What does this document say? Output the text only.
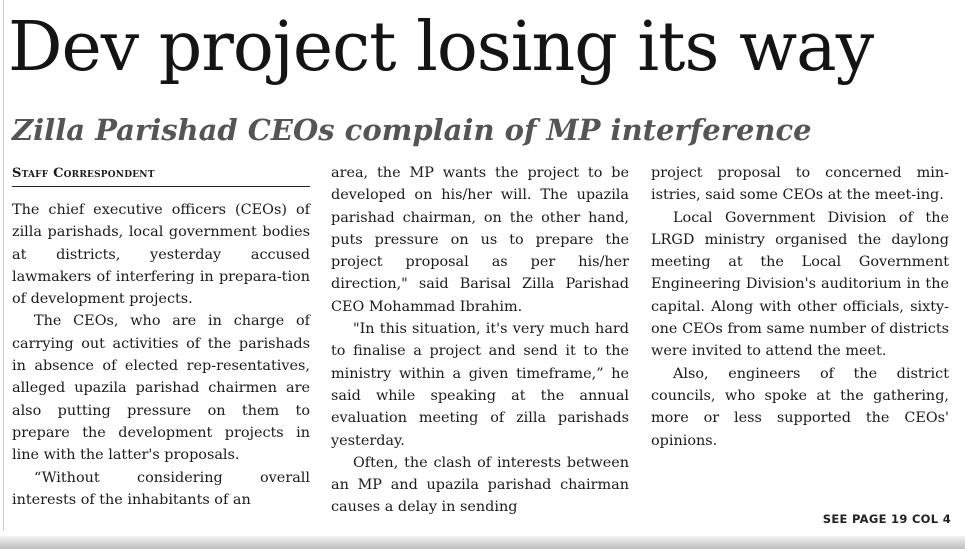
Dev project losing its way
Zilla Parishad CEOs complain of MP interference
Staff Correspondent

The chief executive officers (CEOs) of zilla parishads, local government bodies at districts, yesterday accused lawmakers of interfering in prepara-tion of development projects.

The CEOs, who are in charge of carrying out activities of the parishads in absence of elected rep-resentatives, alleged upazila parishad chairmen are also putting pressure on them to prepare the development projects in line with the latter's proposals.

“Without considering overall interests of the inhabitants of an

area, the MP wants the project to be developed on his/her will. The upazila parishad chairman, on the other hand, puts pressure on us to prepare the project proposal as per his/her direction," said Barisal Zilla Parishad CEO Mohammad Ibrahim.

"In this situation, it's very much hard to finalise a project and send it to the ministry within a given timeframe,” he said while speaking at the annual evaluation meeting of zilla parishads yesterday.

Often, the clash of interests between an MP and upazila parishad chairman causes a delay in sending

project proposal to concerned min-istries, said some CEOs at the meet-ing.

Local Government Division of the LRGD ministry organised the daylong meeting at the Local Government Engineering Division's auditorium in the capital. Along with other officials, sixty-one CEOs from same number of districts were invited to attend the meet.

Also, engineers of the district councils, who spoke at the gathering, more or less supported the CEOs' opinions.

SEE PAGE 19 COL 4
